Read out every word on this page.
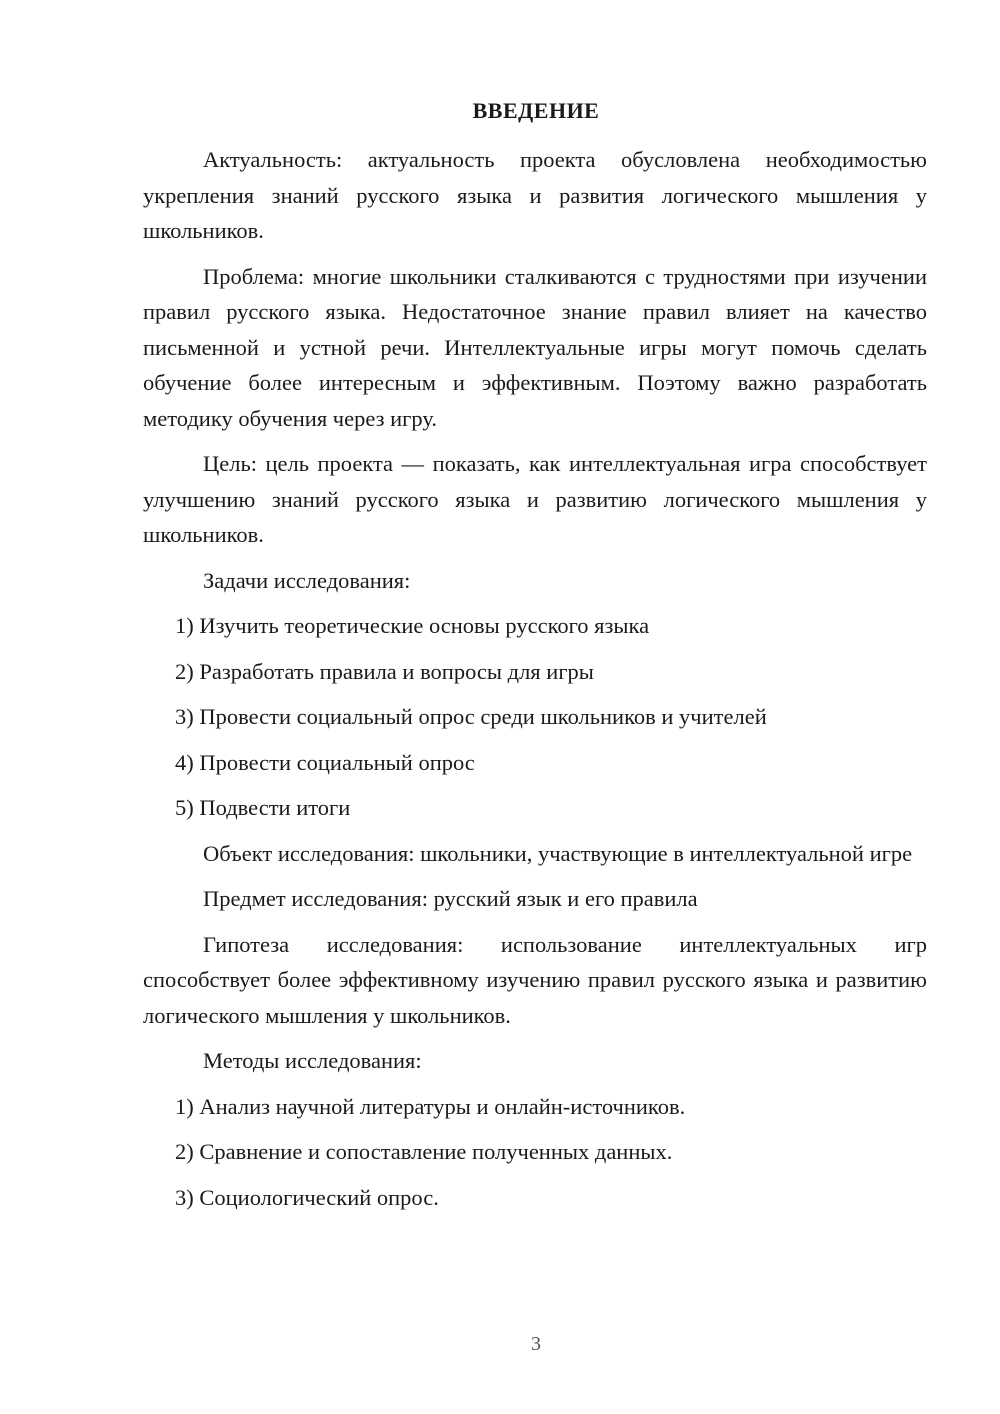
ВВЕДЕНИЕ

Актуальность: актуальность проекта обусловлена необходимостью укрепления знаний русского языка и развития логического мышления у школьников.

Проблема: многие школьники сталкиваются с трудностями при изучении правил русского языка. Недостаточное знание правил влияет на качество письменной и устной речи. Интеллектуальные игры могут помочь сделать обучение более интересным и эффективным. Поэтому важно разработать методику обучения через игру.

Цель: цель проекта — показать, как интеллектуальная игра способствует улучшению знаний русского языка и развитию логического мышления у школьников.

Задачи исследования:

1) Изучить теоретические основы русского языка

2) Разработать правила и вопросы для игры

3) Провести социальный опрос среди школьников и учителей

4) Провести социальный опрос

5) Подвести итоги

Объект исследования: школьники, участвующие в интеллектуальной игре

Предмет исследования: русский язык и его правила

Гипотеза исследования: использование интеллектуальных игр способствует более эффективному изучению правил русского языка и развитию логического мышления у школьников.

Методы исследования:

1) Анализ научной литературы и онлайн-источников.

2) Сравнение и сопоставление полученных данных.

3) Социологический опрос.

3
